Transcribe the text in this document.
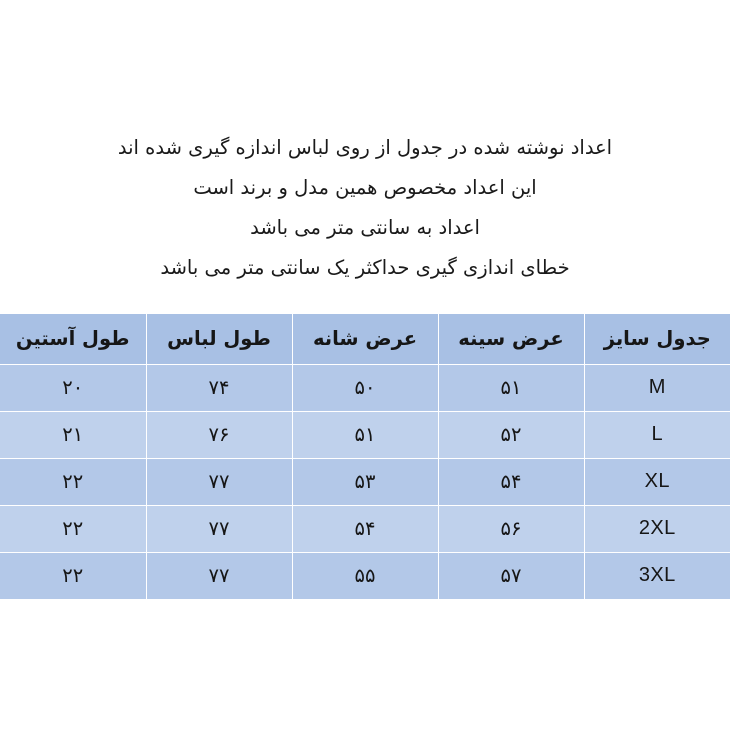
اعداد نوشته شده در جدول از روی لباس اندازه گیری شده اند
این اعداد مخصوص همین مدل و برند است
اعداد به سانتی متر می باشد
خطای اندازی گیری حداکثر یک سانتی متر می باشد
جدول سایز	عرض سینه	عرض شانه	طول لباس	طول آستین
M	۵۱	۵۰	۷۴	۲۰
L	۵۲	۵۱	۷۶	۲۱
XL	۵۴	۵۳	۷۷	۲۲
2XL	۵۶	۵۴	۷۷	۲۲
3XL	۵۷	۵۵	۷۷	۲۲
